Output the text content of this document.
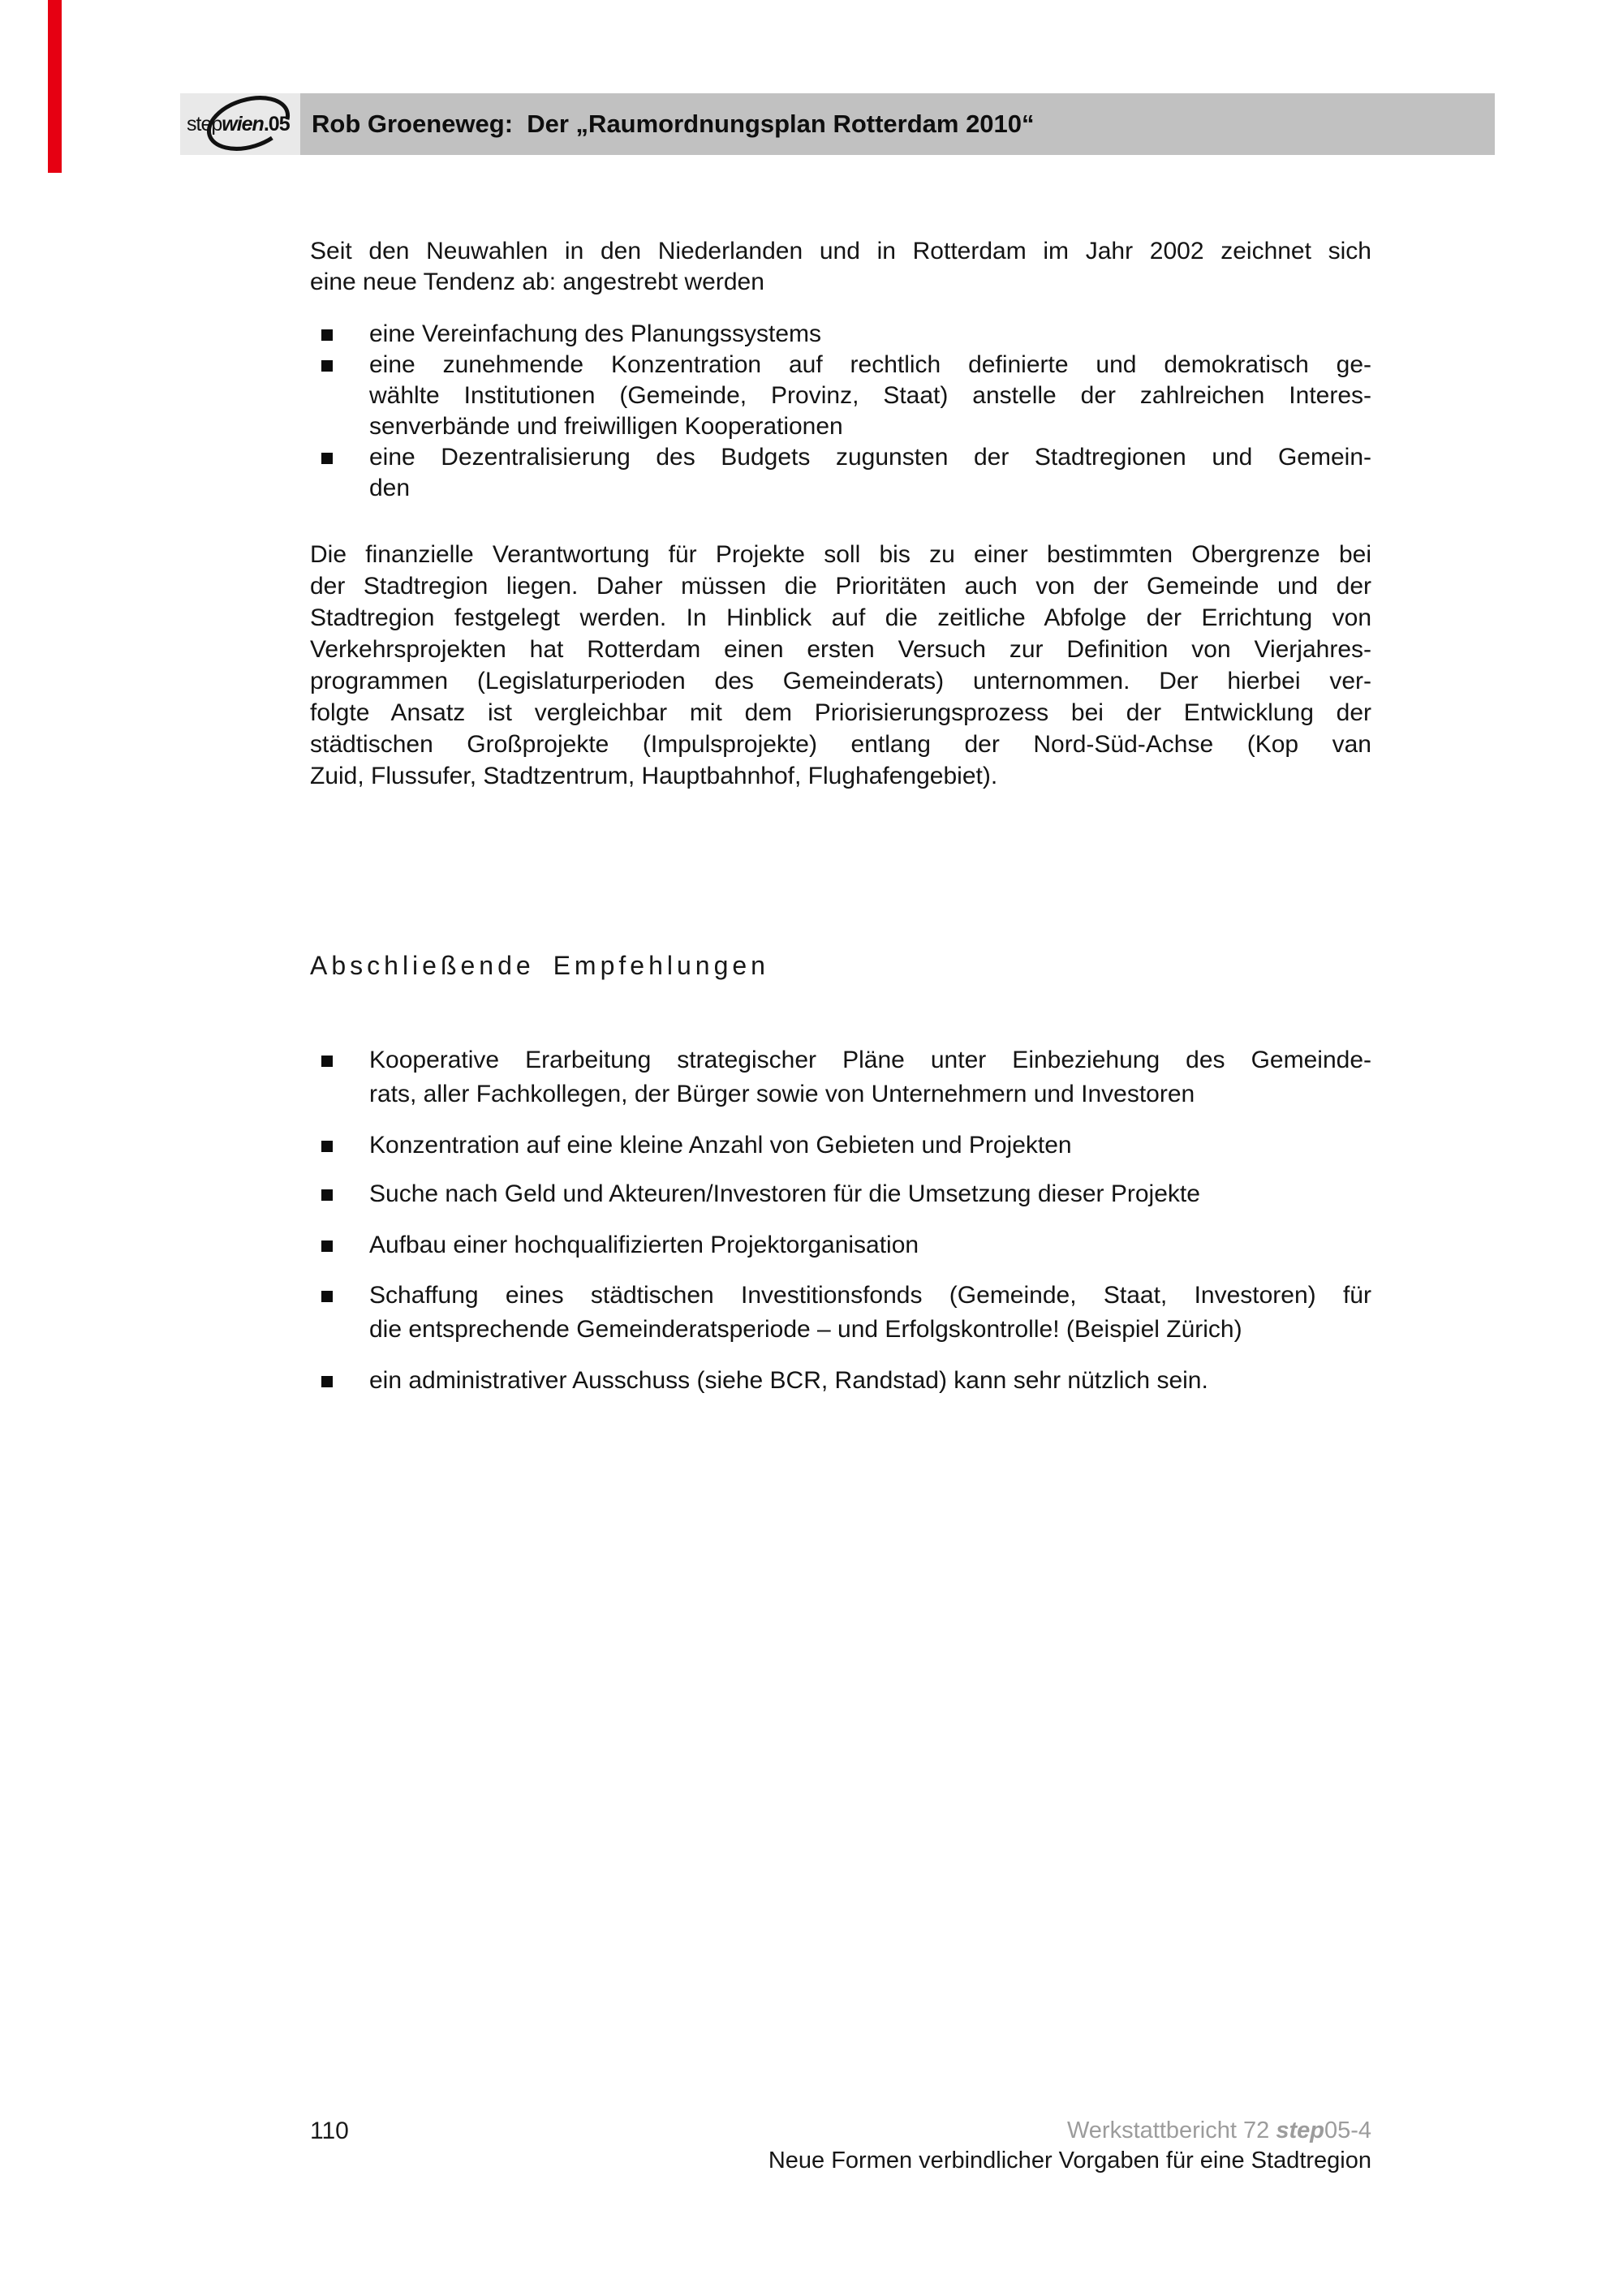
stepwien.05 Rob Groeneweg: Der „Raumordnungsplan Rotterdam 2010“
Seit den Neuwahlen in den Niederlanden und in Rotterdam im Jahr 2002 zeichnet sich
eine neue Tendenz ab: angestrebt werden
eine Vereinfachung des Planungssystems
eine zunehmende Konzentration auf rechtlich definierte und demokratisch ge-
wählte Institutionen (Gemeinde, Provinz, Staat) anstelle der zahlreichen Interes-
senverbände und freiwilligen Kooperationen
eine Dezentralisierung des Budgets zugunsten der Stadtregionen und Gemein-
den
Die finanzielle Verantwortung für Projekte soll bis zu einer bestimmten Obergrenze bei
der Stadtregion liegen. Daher müssen die Prioritäten auch von der Gemeinde und der
Stadtregion festgelegt werden. In Hinblick auf die zeitliche Abfolge der Errichtung von
Verkehrsprojekten hat Rotterdam einen ersten Versuch zur Definition von Vierjahres-
programmen (Legislaturperioden des Gemeinderats) unternommen. Der hierbei ver-
folgte Ansatz ist vergleichbar mit dem Priorisierungsprozess bei der Entwicklung der
städtischen Großprojekte (Impulsprojekte) entlang der Nord-Süd-Achse (Kop van
Zuid, Flussufer, Stadtzentrum, Hauptbahnhof, Flughafengebiet).
Abschließende Empfehlungen
Kooperative Erarbeitung strategischer Pläne unter Einbeziehung des Gemeinde-
rats, aller Fachkollegen, der Bürger sowie von Unternehmern und Investoren
Konzentration auf eine kleine Anzahl von Gebieten und Projekten
Suche nach Geld und Akteuren/Investoren für die Umsetzung dieser Projekte
Aufbau einer hochqualifizierten Projektorganisation
Schaffung eines städtischen Investitionsfonds (Gemeinde, Staat, Investoren) für
die entsprechende Gemeinderatsperiode – und Erfolgskontrolle! (Beispiel Zürich)
ein administrativer Ausschuss (siehe BCR, Randstad) kann sehr nützlich sein.
110	Werkstattbericht 72 step05-4
Neue Formen verbindlicher Vorgaben für eine Stadtregion
